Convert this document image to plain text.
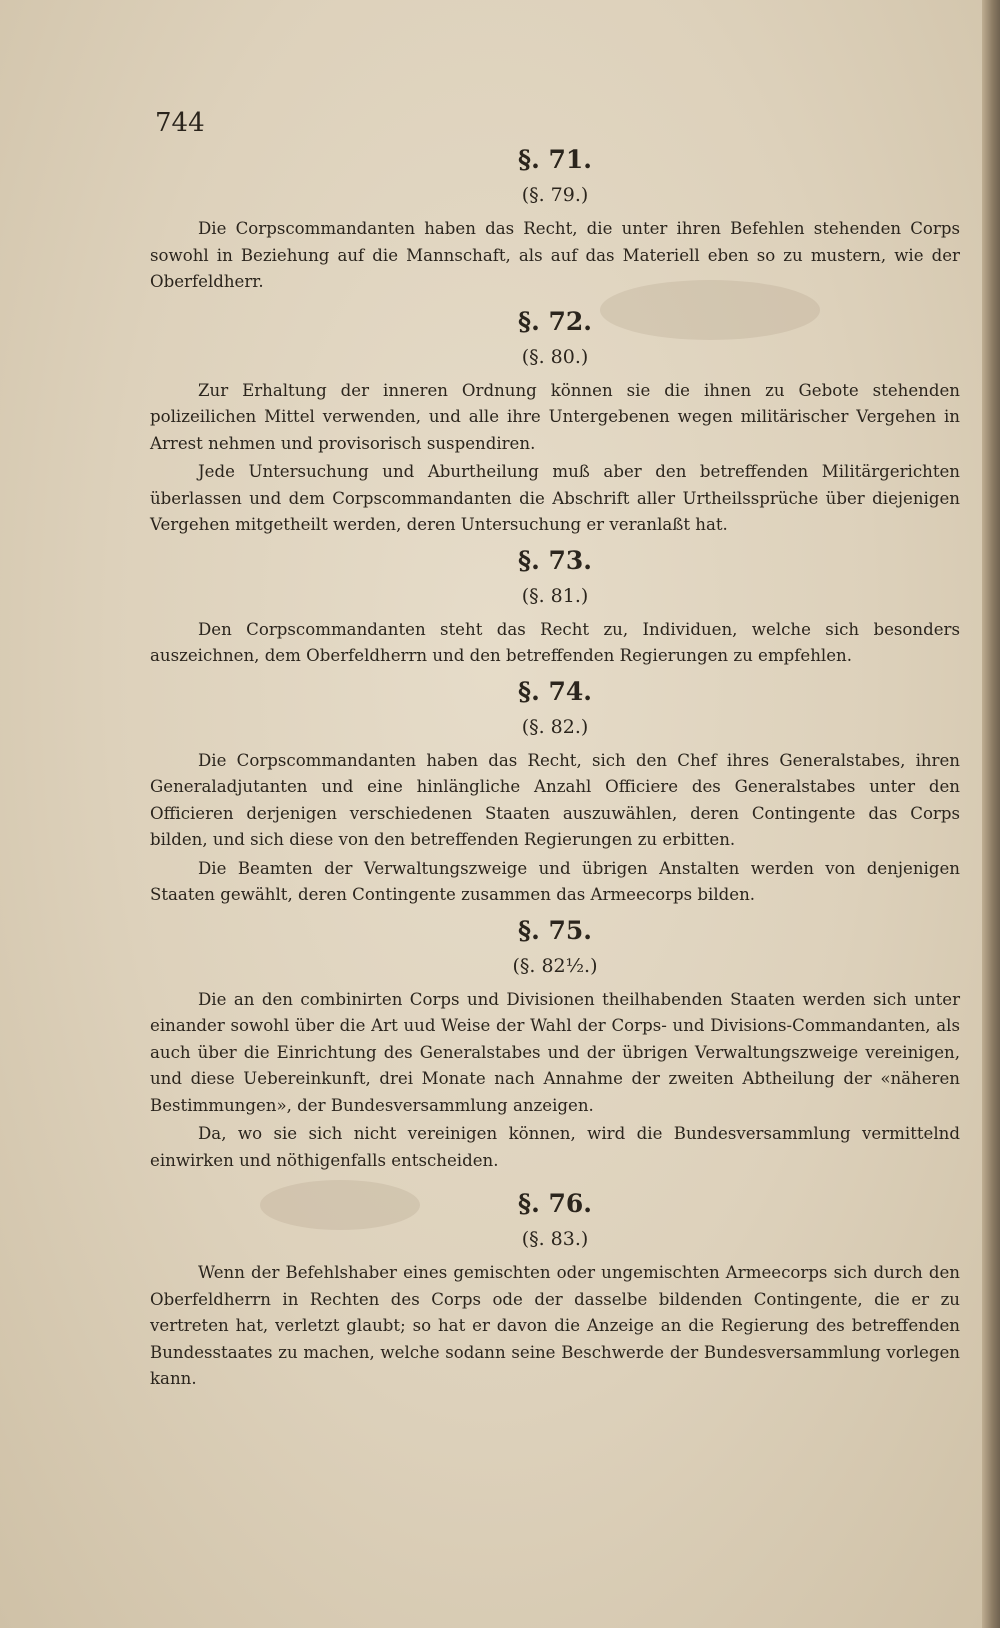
744

§. 71.

(§. 79.)

Die Corpscommandanten haben das Recht, die unter ihren Befehlen stehenden Corps sowohl in Beziehung auf die Mannschaft, als auf das Materiell eben so zu mustern, wie der Oberfeldherr.

§. 72.

(§. 80.)

Zur Erhaltung der inneren Ordnung können sie die ihnen zu Gebote stehenden polizeilichen Mittel verwenden, und alle ihre Untergebenen wegen militärischer Vergehen in Arrest nehmen und provisorisch suspendiren.

Jede Untersuchung und Aburtheilung muß aber den betreffenden Militärgerichten überlassen und dem Corpscommandanten die Abschrift aller Urtheilssprüche über diejenigen Vergehen mitgetheilt werden, deren Untersuchung er veranlaßt hat.

§. 73.

(§. 81.)

Den Corpscommandanten steht das Recht zu, Individuen, welche sich besonders auszeichnen, dem Oberfeldherrn und den betreffenden Regierungen zu empfehlen.

§. 74.

(§. 82.)

Die Corpscommandanten haben das Recht, sich den Chef ihres Generalstabes, ihren Generaladjutanten und eine hinlängliche Anzahl Officiere des Generalstabes unter den Officieren derjenigen verschiedenen Staaten auszuwählen, deren Contingente das Corps bilden, und sich diese von den betreffenden Regierungen zu erbitten.

Die Beamten der Verwaltungszweige und übrigen Anstalten werden von denjenigen Staaten gewählt, deren Contingente zusammen das Armeecorps bilden.

§. 75.

(§. 82½.)

Die an den combinirten Corps und Divisionen theilhabenden Staaten werden sich unter einander sowohl über die Art uud Weise der Wahl der Corps- und Divisions-Commandanten, als auch über die Einrichtung des Generalstabes und der übrigen Verwaltungszweige vereinigen, und diese Uebereinkunft, drei Monate nach Annahme der zweiten Abtheilung der «näheren Bestimmungen», der Bundesversammlung anzeigen.

Da, wo sie sich nicht vereinigen können, wird die Bundesversammlung vermittelnd einwirken und nöthigenfalls entscheiden.

§. 76.

(§. 83.)

Wenn der Befehlshaber eines gemischten oder ungemischten Armeecorps sich durch den Oberfeldherrn in Rechten des Corps ode der dasselbe bildenden Contingente, die er zu vertreten hat, verletzt glaubt; so hat er davon die Anzeige an die Regierung des betreffenden Bundesstaates zu machen, welche sodann seine Beschwerde der Bundesversammlung vorlegen kann.
